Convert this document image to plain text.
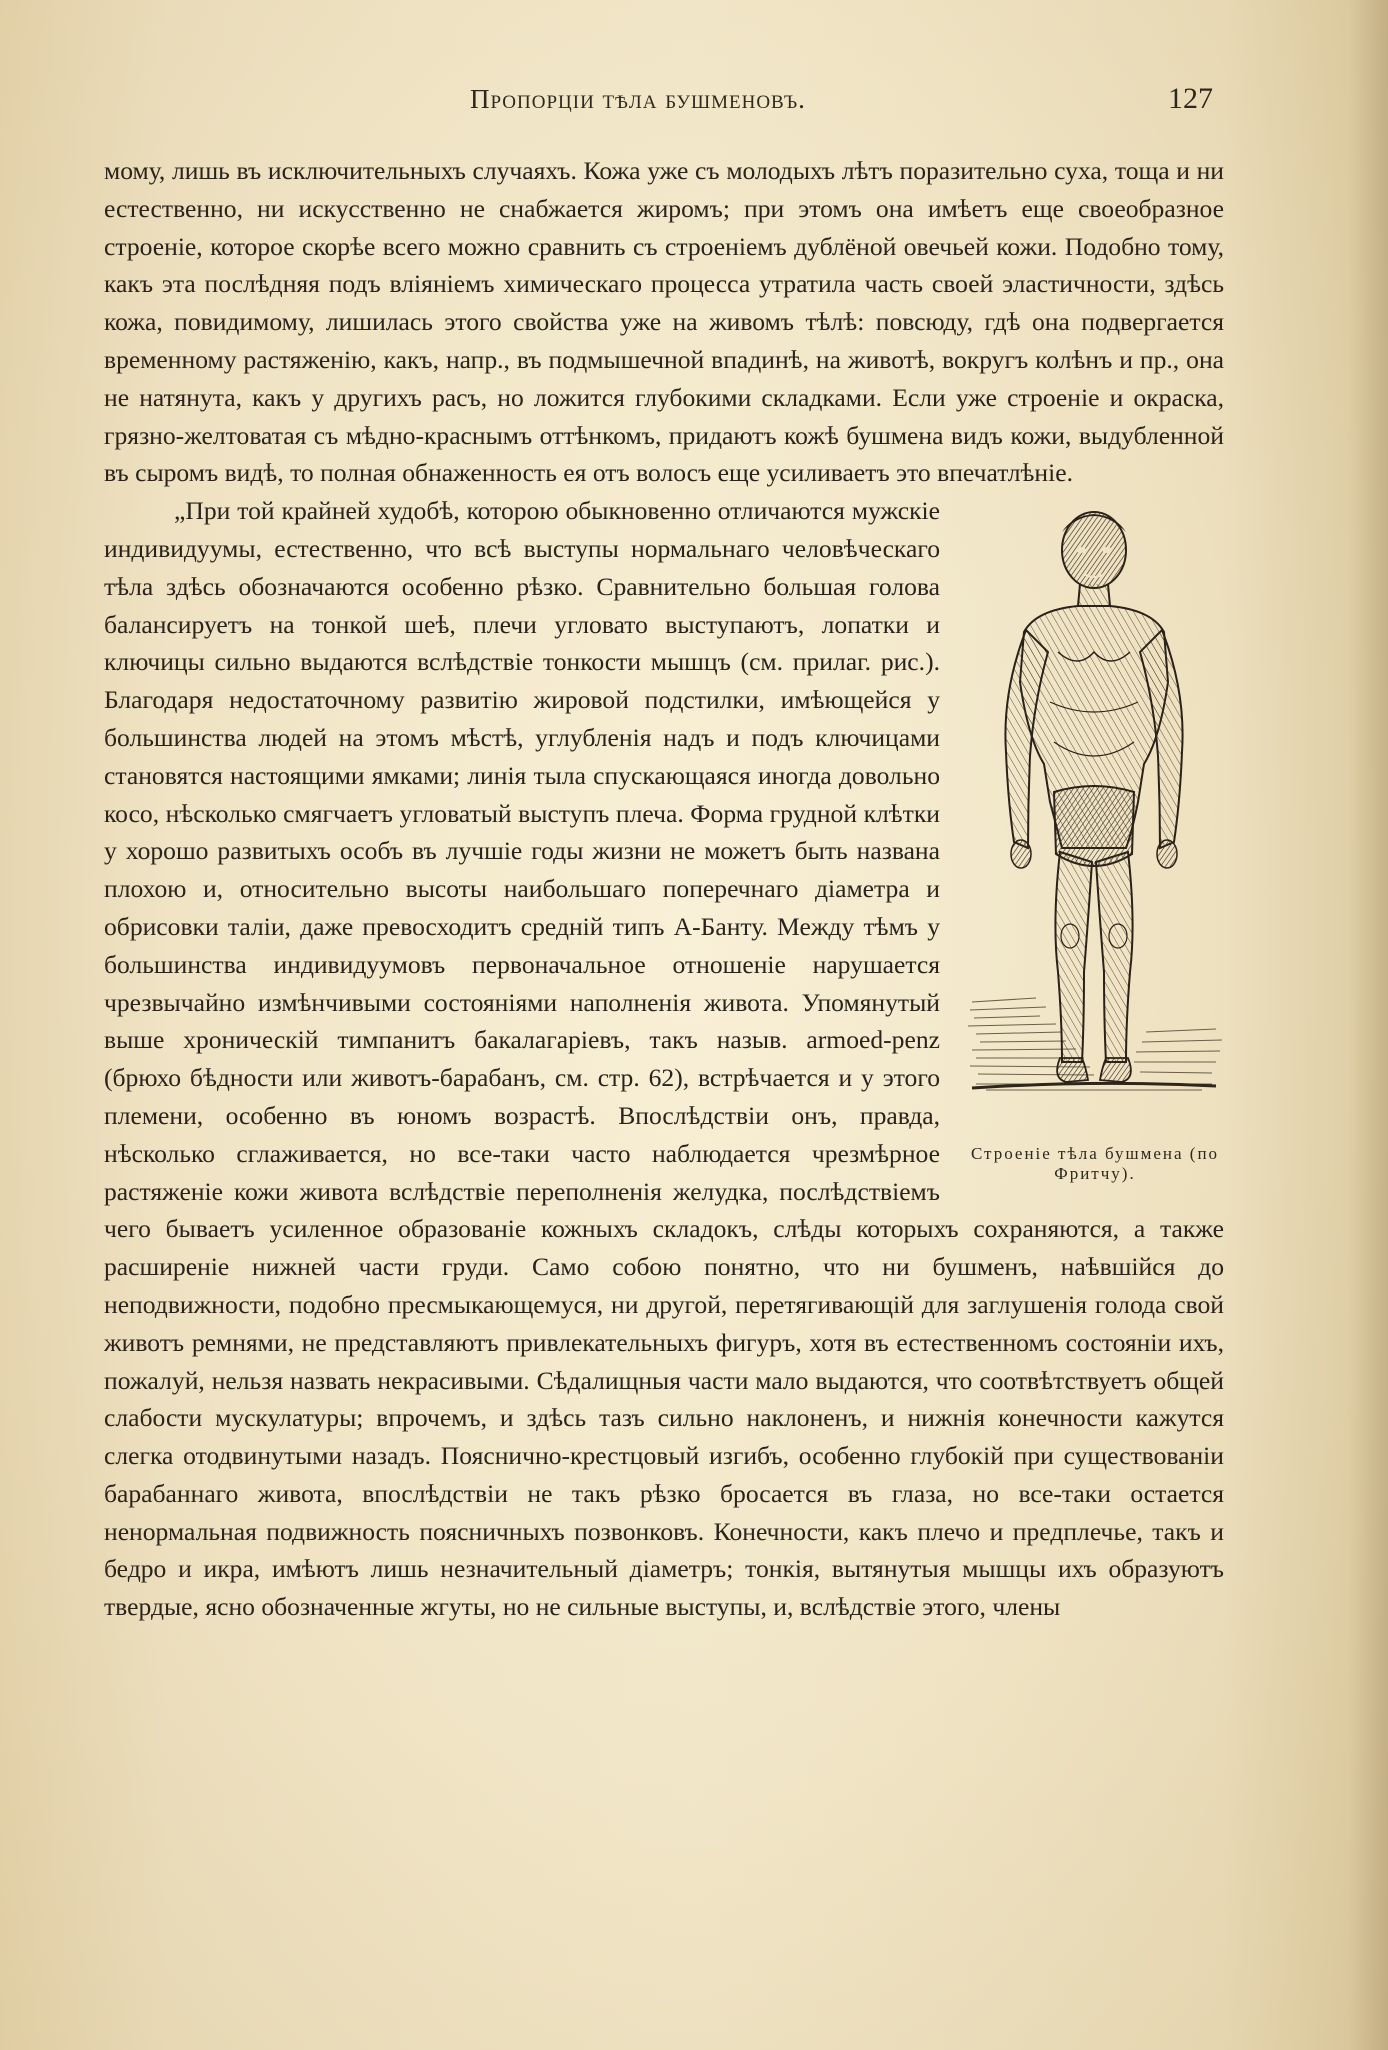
Пропорціи тѣла бушменовъ.	127

мому, лишь въ исключительныхъ случаяхъ. Кожа уже съ молодыхъ лѣтъ поразительно суха, тоща и ни естественно, ни искусственно не снабжается жиромъ; при этомъ она имѣетъ еще своеобразное строеніе, которое скорѣе всего можно сравнить съ строеніемъ дублёной овечьей кожи. Подобно тому, какъ эта послѣдняя подъ вліяніемъ химическаго процесса утратила часть своей эластичности, здѣсь кожа, повидимому, лишилась этого свойства уже на живомъ тѣлѣ: повсюду, гдѣ она подвергается временному растяженію, какъ, напр., въ подмышечной впадинѣ, на животѣ, вокругъ колѣнъ и пр., она не натянута, какъ у другихъ расъ, но ложится глубокими складками. Если уже строеніе и окраска, грязно-желтоватая съ мѣдно-краснымъ оттѣнкомъ, придаютъ кожѣ бушмена видъ кожи, выдубленной въ сыромъ видѣ, то полная обнаженность ея отъ волосъ еще усиливаетъ это впечатлѣніе.

Строеніе тѣла бушмена (по Фритчу).

„При той крайней худобѣ, которою обыкновенно отличаются мужскіе индивидуумы, естественно, что всѣ выступы нормальнаго человѣческаго тѣла здѣсь обозначаются особенно рѣзко. Сравнительно большая голова балансируетъ на тонкой шеѣ, плечи угловато выступаютъ, лопатки и ключицы сильно выдаются вслѣдствіе тонкости мышцъ (см. прилаг. рис.). Благодаря недостаточному развитію жировой подстилки, имѣющейся у большинства людей на этомъ мѣстѣ, углубленія надъ и подъ ключицами становятся настоящими ямками; линія тыла спускающаяся иногда довольно косо, нѣсколько смягчаетъ угловатый выступъ плеча. Форма грудной клѣтки у хорошо развитыхъ особъ въ лучшіе годы жизни не можетъ быть названа плохою и, относительно высоты наибольшаго поперечнаго діаметра и обрисовки таліи, даже превосходитъ средній типъ А-Банту. Между тѣмъ у большинства индивидуумовъ первоначальное отношеніе нарушается чрезвычайно измѣнчивыми состояніями наполненія живота. Упомянутый выше хроническій тимпанитъ бакалагаріевъ, такъ назыв. armoed-penz (брюхо бѣдности или животъ-барабанъ, см. стр. 62), встрѣчается и у этого племени, особенно въ юномъ возрастѣ. Впослѣдствіи онъ, правда, нѣсколько сглаживается, но все-таки часто наблюдается чрезмѣрное растяженіе кожи живота вслѣдствіе переполненія желудка, послѣдствіемъ чего бываетъ усиленное образованіе кожныхъ складокъ, слѣды которыхъ сохраняются, а также расширеніе нижней части груди. Само собою понятно, что ни бушменъ, наѣвшійся до неподвижности, подобно пресмыкающемуся, ни другой, перетягивающій для заглушенія голода свой животъ ремнями, не представляютъ привлекательныхъ фигуръ, хотя въ естественномъ состояніи ихъ, пожалуй, нельзя назвать некрасивыми. Сѣдалищныя части мало выдаются, что соотвѣтствуетъ общей слабости мускулатуры; впрочемъ, и здѣсь тазъ сильно наклоненъ, и нижнія конечности кажутся слегка отодвинутыми назадъ. Пояснично-крестцовый изгибъ, особенно глубокій при существованіи барабаннаго живота, впослѣдствіи не такъ рѣзко бросается въ глаза, но все-таки остается ненормальная подвижность поясничныхъ позвонковъ. Конечности, какъ плечо и предплечье, такъ и бедро и икра, имѣютъ лишь незначительный діаметръ; тонкія, вытянутыя мышцы ихъ образуютъ твердые, ясно обозначенные жгуты, но не сильные выступы, и, вслѣдствіе этого, члены
